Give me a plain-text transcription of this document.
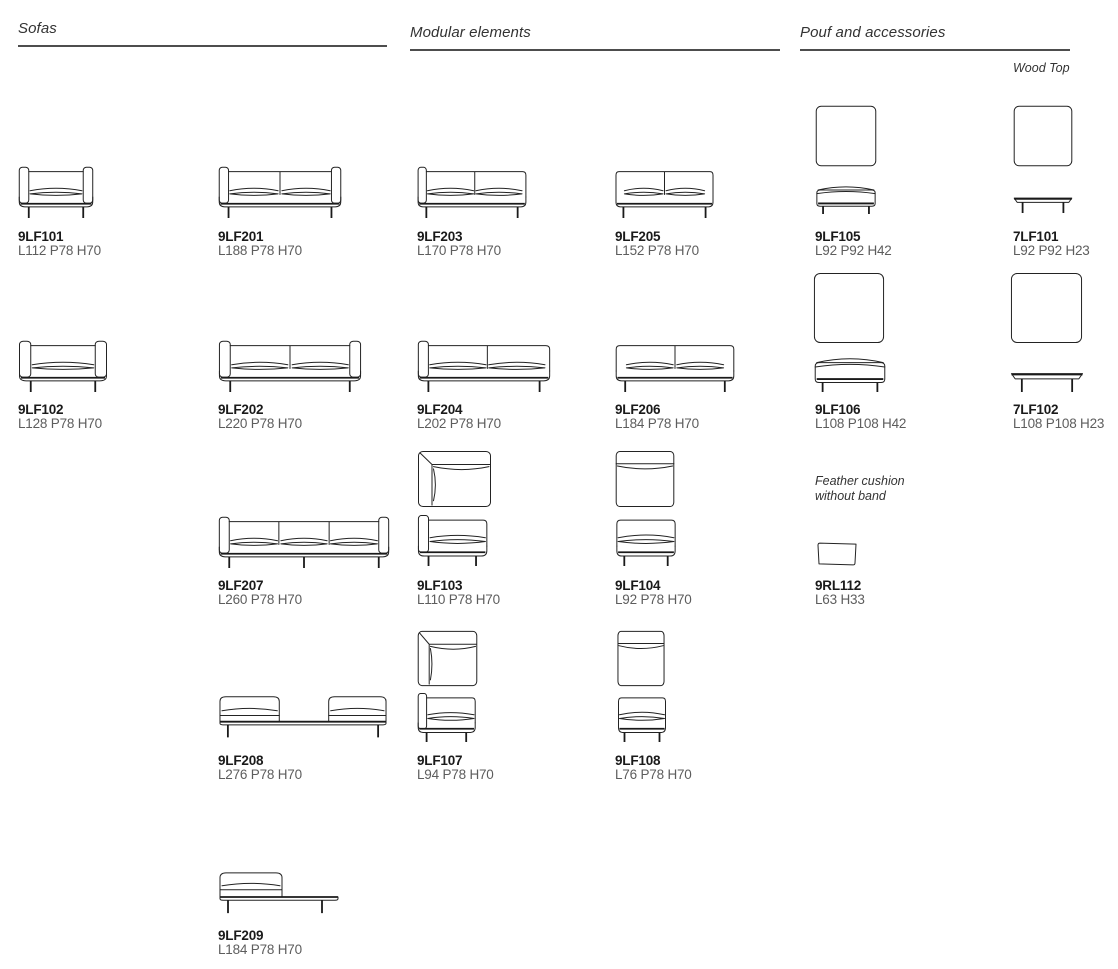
Sofas	Modular elements	Pouf and accessories
Wood Top
Feather cushion
without band
9LF101
L112 P78 H70
9LF201
L188 P78 H70
9LF203
L170 P78 H70
9LF205
L152 P78 H70
9LF105
L92 P92 H42
7LF101
L92 P92 H23
9LF102
L128 P78 H70
9LF202
L220 P78 H70
9LF204
L202 P78 H70
9LF206
L184 P78 H70
9LF106
L108 P108 H42
7LF102
L108 P108 H23
9LF207
L260 P78 H70
9LF103
L110 P78 H70
9LF104
L92 P78 H70
9RL112
L63 H33
9LF208
L276 P78 H70
9LF107
L94 P78 H70
9LF108
L76 P78 H70
9LF209
L184 P78 H70
